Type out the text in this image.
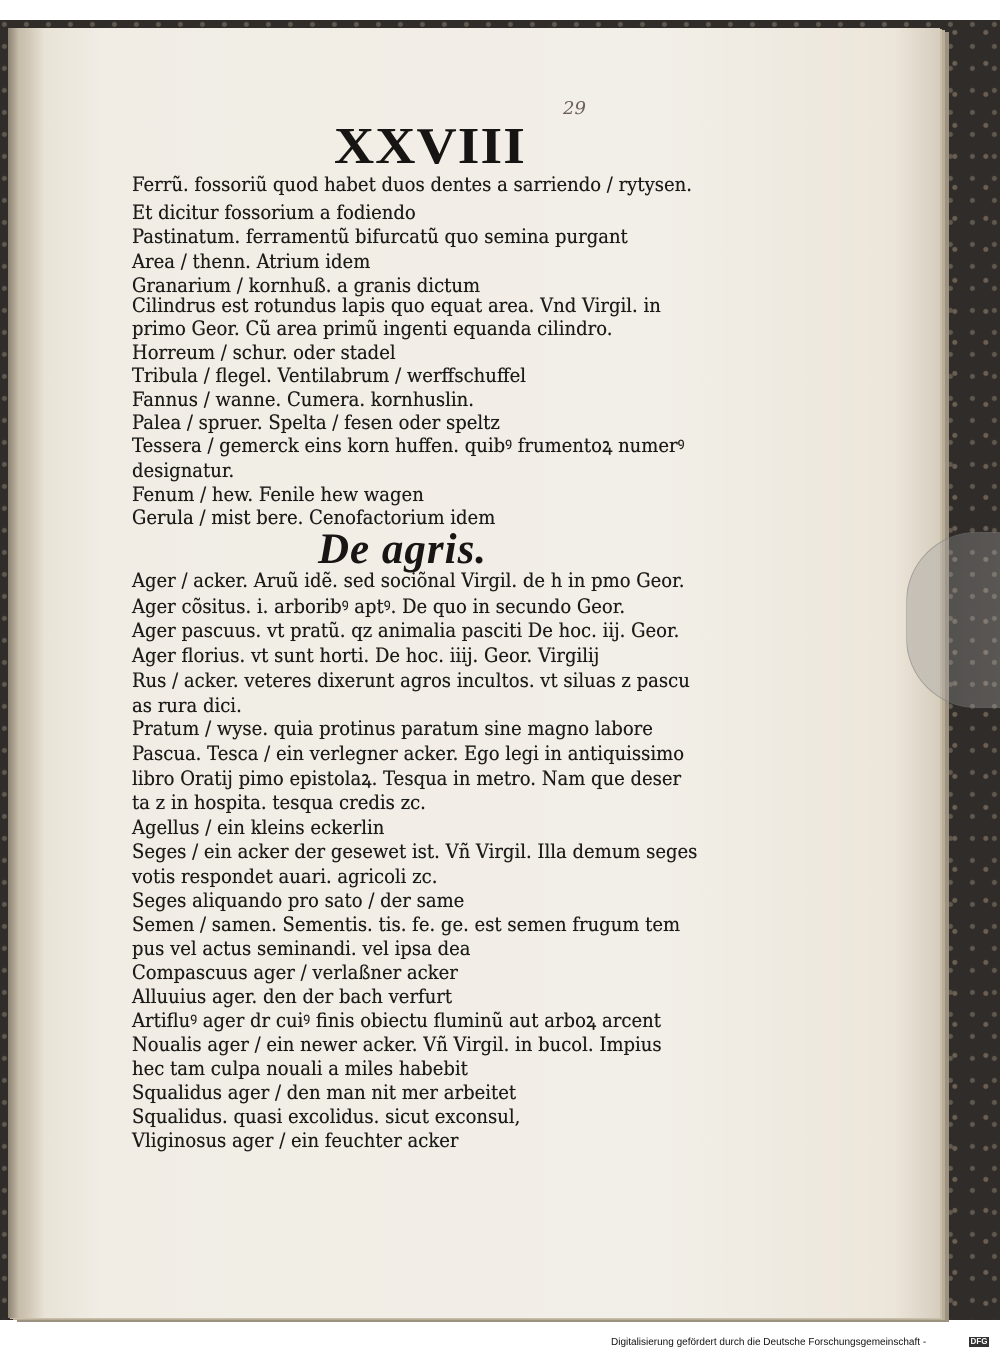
29
XXVIII
De agris.
Ferrũ. fossoriũ quod habet duos dentes a sarriendo / rytysen.
Et dicitur fossorium a fodiendo
Pastinatum. ferramentũ bifurcatũ quo semina purgant
Area / thenn. Atrium idem
Granarium / kornhuß. a granis dictum
Cilindrus est rotundus lapis quo equat area. Vnd Virgil. in
primo Geor. Cũ area primũ ingenti equanda cilindro.
Horreum / schur. oder stadel
Tribula / flegel. Ventilabrum / werffschuffel
Fannus / wanne. Cumera. kornhuslin.
Palea / spruer. Spelta / fesen oder speltz
Tessera / gemerck eins korn huffen. quibꝰ frumentoꝝ numerꝰ
designatur.
Fenum / hew. Fenile hew wagen
Gerula / mist bere. Cenofactorium idem
Ager / acker. Aruũ idẽ. sed sociõnal Virgil. de h in pmo Geor.
Ager cõsitus. i. arboribꝰ aptꝰ. De quo in secundo Geor.
Ager pascuus. vt pratũ. qz animalia pasciti De hoc. iij. Geor.
Ager florius. vt sunt horti. De hoc. iiij. Geor. Virgilij
Rus / acker. veteres dixerunt agros incultos. vt siluas z pascu
as rura dici.
Pratum / wyse. quia protinus paratum sine magno labore
Pascua. Tesca / ein verlegner acker. Ego legi in antiquissimo
libro Oratij pimo epistolaꝝ. Tesqua in metro. Nam que deser
ta z in hospita. tesqua credis zc.
Agellus / ein kleins eckerlin
Seges / ein acker der gesewet ist. Vñ Virgil. Illa demum seges
votis respondet auari. agricoli zc.
Seges aliquando pro sato / der same
Semen / samen. Sementis. tis. fe. ge. est semen frugum tem
pus vel actus seminandi. vel ipsa dea
Compascuus ager / verlaßner acker
Alluuius ager. den der bach verfurt
Artifluꝰ ager dr cuiꝰ finis obiectu fluminũ aut arboꝝ arcent
Noualis ager / ein newer acker. Vñ Virgil. in bucol. Impius
hec tam culpa nouali a miles habebit
Squalidus ager / den man nit mer arbeitet
Squalidus. quasi excolidus. sicut exconsul,
Vliginosus ager / ein feuchter acker
Digitalisierung gefördert durch die Deutsche Forschungsgemeinschaft -	DFG
